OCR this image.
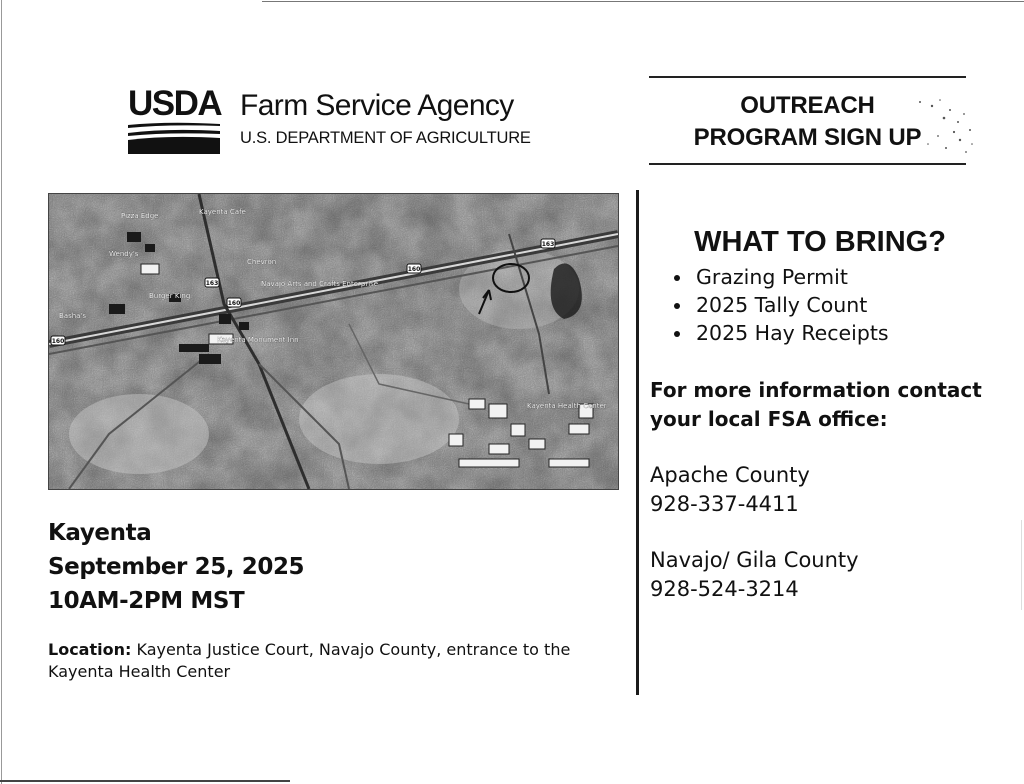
USDA Farm Service Agency
U.S. DEPARTMENT OF AGRICULTURE
OUTREACH
PROGRAM SIGN UP
163
160
160
160
163
Pizza Edge	Kayenta Cafe
Burger King
Navajo Arts and Crafts Enterprise
Kayenta Monument Inn
Kayenta Health Center
Wendy's
Basha's
Chevron
Kayenta
September 25, 2025
10AM-2PM MST
Location: Kayenta Justice Court, Navajo County, entrance to the Kayenta Health Center
WHAT TO BRING?
Grazing Permit
2025 Tally Count
2025 Hay Receipts
For more information contact your local FSA office:
Apache County
928-337-4411
Navajo/ Gila County
928-524-3214
